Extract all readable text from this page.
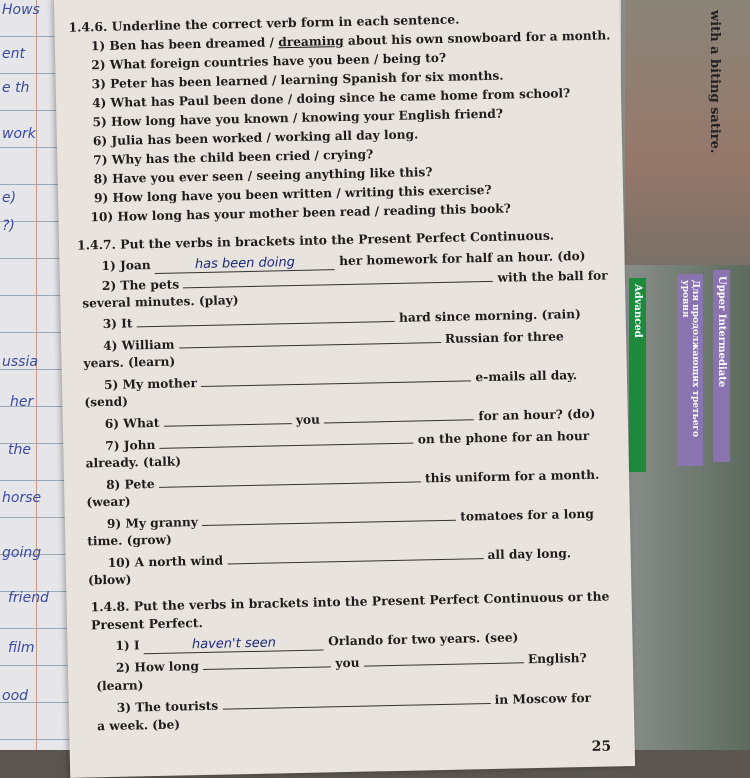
Hows
ent
e th
work
e)
?)
ussia
her
the
horse
going
friend
film
ood
with a biting satire.
Upper Intermediate
Для продолжающих третьего уровня
Advanced
1.4.6. Underline the correct verb form in each sentence.
1) Ben has been dreamed / dreaming about his own snowboard for a month.
2) What foreign countries have you been / being to?
3) Peter has been learned / learning Spanish for six months.
4) What has Paul been done / doing since he came home from school?
5) How long have you known / knowing your English friend?
6) Julia has been worked / working all day long.
7) Why has the child been cried / crying?
8) Have you ever seen / seeing anything like this?
9) How long have you been written / writing this exercise?
10) How long has your mother been read / reading this book?
1.4.7. Put the verbs in brackets into the Present Perfect Continuous.
1) Joan	has been doing	her homework for half an hour. (do)
2) The pets  with the ball for
several minutes. (play)
3) It	hard since morning. (rain)
4) William	Russian for three
years. (learn)
5) My mother	e-mails all day.
(send)
6) What	you	for an hour? (do)
7) John	on the phone for an hour
already. (talk)
8) Pete	this uniform for a month.
(wear)
9) My granny	tomatoes for a long
time. (grow)
10) A north wind	all day long.
(blow)
1.4.8. Put the verbs in brackets into the Present Perfect Continuous or the
Present Perfect.
1) I	haven't seen	Orlando for two years. (see)
2) How long	you	English?
(learn)
3) The tourists	in Moscow for
a week. (be)
25
